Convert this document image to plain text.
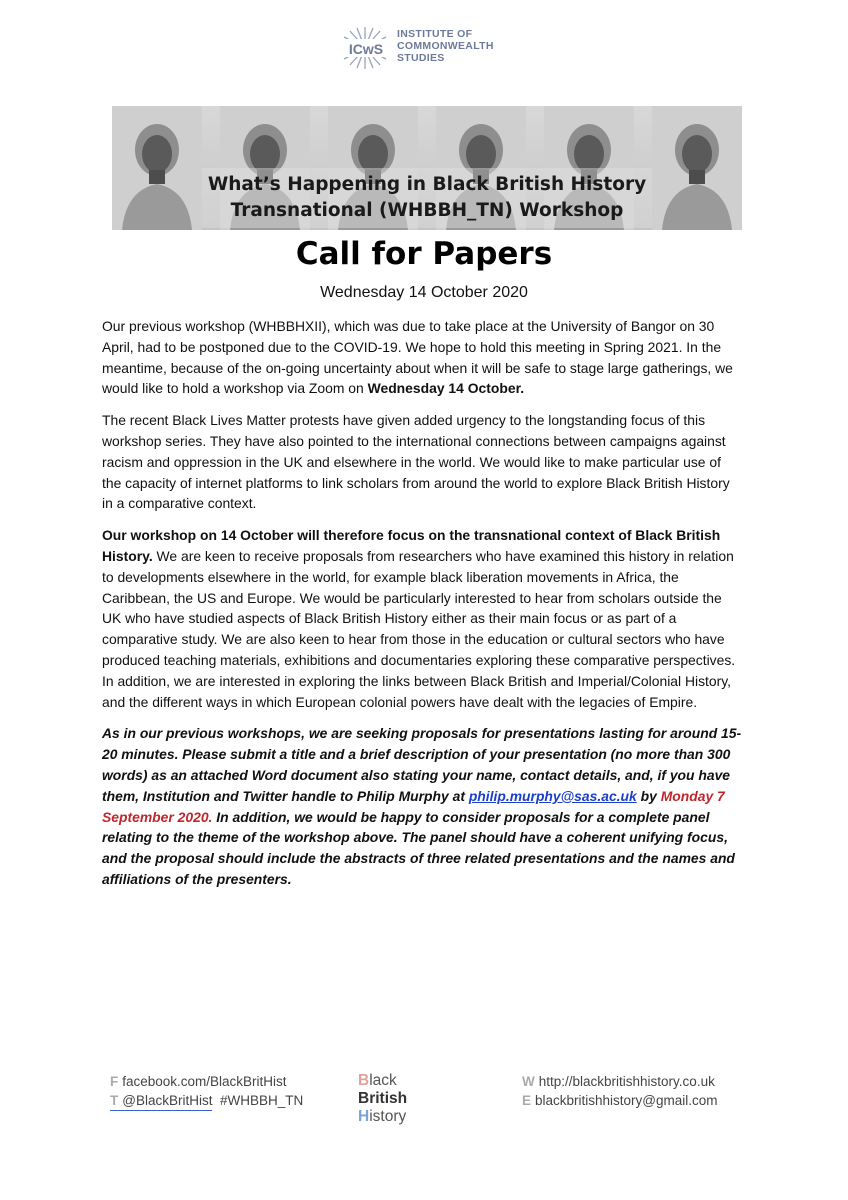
ICwS
INSTITUTE OF
COMMONWEALTH
STUDIES
What’s Happening in Black British History
Transnational (WHBBH_TN) Workshop
Call for Papers
Wednesday 14 October 2020

Our previous workshop (WHBBHXII), which was due to take place at the University of Bangor on 30 April, had to be postponed due to the COVID-19. We hope to hold this meeting in Spring 2021. In the meantime, because of the on-going uncertainty about when it will be safe to stage large gatherings, we would like to hold a workshop via Zoom on Wednesday 14 October.

The recent Black Lives Matter protests have given added urgency to the longstanding focus of this workshop series. They have also pointed to the international connections between campaigns against racism and oppression in the UK and elsewhere in the world. We would like to make particular use of the capacity of internet platforms to link scholars from around the world to explore Black British History in a comparative context.

Our workshop on 14 October will therefore focus on the transnational context of Black British History. We are keen to receive proposals from researchers who have examined this history in relation to developments elsewhere in the world, for example black liberation movements in Africa, the Caribbean, the US and Europe. We would be particularly interested to hear from scholars outside the UK who have studied aspects of Black British History either as their main focus or as part of a comparative study. We are also keen to hear from those in the education or cultural sectors who have produced teaching materials, exhibitions and documentaries exploring these comparative perspectives. In addition, we are interested in exploring the links between Black British and Imperial/Colonial History, and the different ways in which European colonial powers have dealt with the legacies of Empire.

As in our previous workshops, we are seeking proposals for presentations lasting for around 15-20 minutes. Please submit a title and a brief description of your presentation (no more than 300 words) as an attached Word document also stating your name, contact details, and, if you have them, Institution and Twitter handle to Philip Murphy at philip.murphy@sas.ac.uk by Monday 7 September 2020. In addition, we would be happy to consider proposals for a complete panel relating to the theme of the workshop above. The panel should have a coherent unifying focus, and the proposal should include the abstracts of three related presentations and the names and affiliations of the presenters.

F facebook.com/BlackBritHist
T @BlackBritHist #WHBBH_TN
Black
British
History
W http://blackbritishhistory.co.uk
E blackbritishhistory@gmail.com
